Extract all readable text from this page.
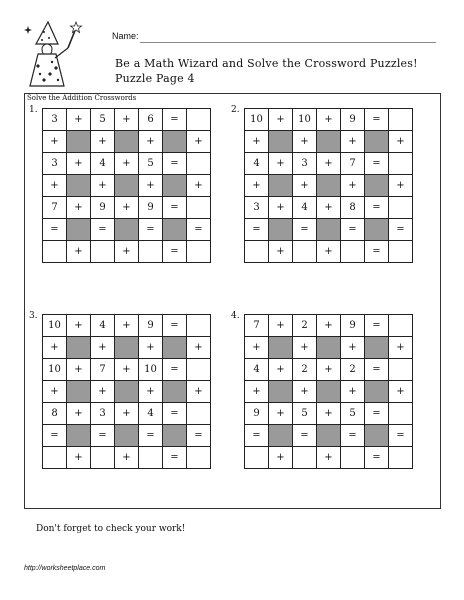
Name:
Be a Math Wizard and Solve the Crossword Puzzles!
Puzzle Page 4
Solve the Addition Crosswords
1.
3	+	5	+	6	=	
+		+		+		+
3	+	4	+	5	=	
+		+		+		+
7	+	9	+	9	=	
=		=		=		=
	+		+		=	
2.
10	+	10	+	9	=	
+		+		+		+
4	+	3	+	7	=	
+		+		+		+
3	+	4	+	8	=	
=		=		=		=
	+		+		=	
3.
10	+	4	+	9	=	
+		+		+		+
10	+	7	+	10	=	
+		+		+		+
8	+	3	+	4	=	
=		=		=		=
	+		+		=	
4.
7	+	2	+	9	=	
+		+		+		+
4	+	2	+	2	=	
+		+		+		+
9	+	5	+	5	=	
=		=		=		=
	+		+		=	
Don't forget to check your work!
http://worksheetplace.com
